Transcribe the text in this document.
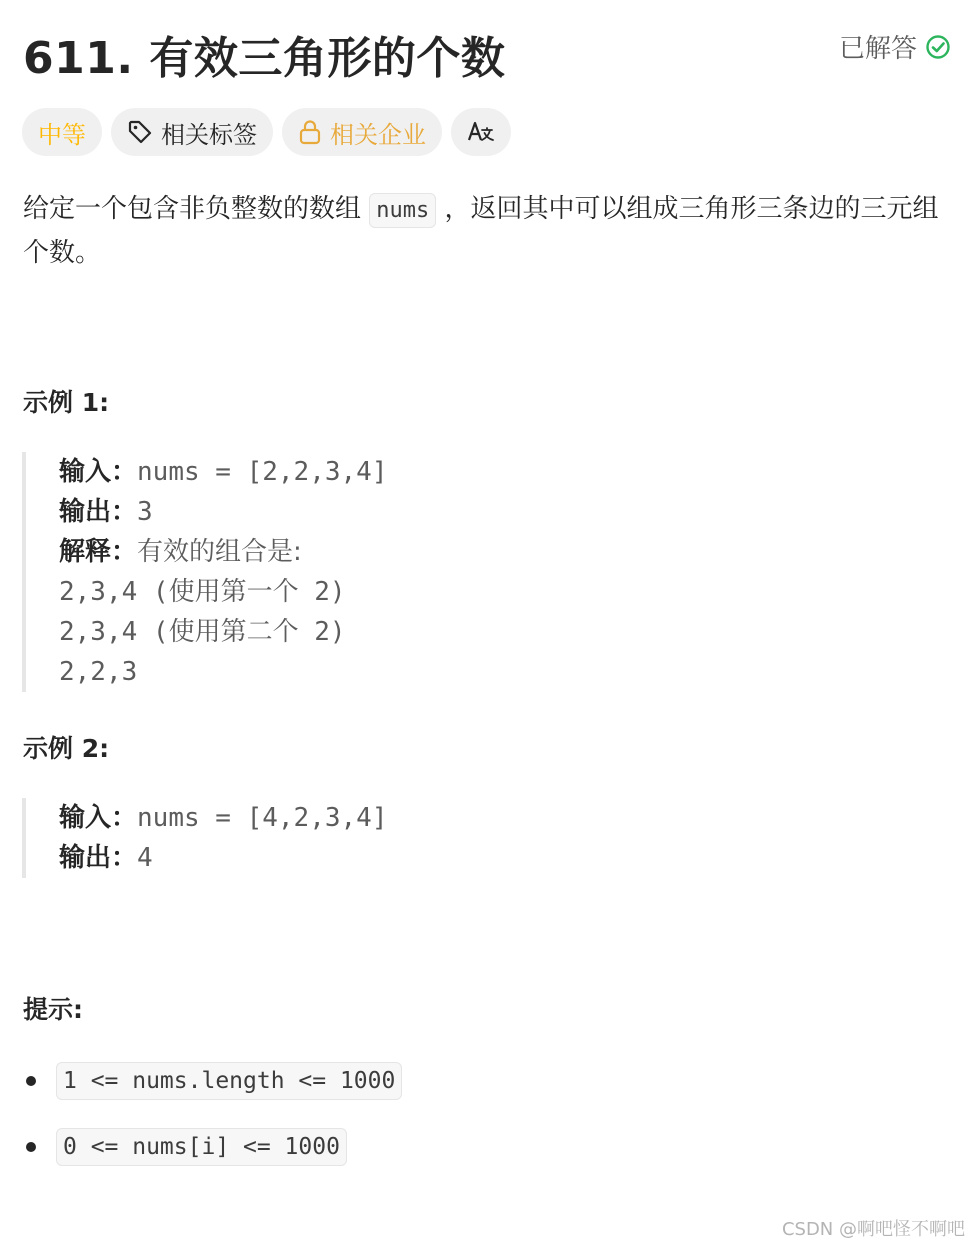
611. 有效三角形的个数	已解答
中等	相关标签	相关企业
给定一个包含非负整数的数组 nums ，返回其中可以组成三角形三条边的三元组个数。
示例 1:
输入：nums = [2,2,3,4]
输出：3
解释：有效的组合是:
2,3,4 (使用第一个 2)
2,3,4 (使用第二个 2)
2,2,3
示例 2:
输入：nums = [4,2,3,4]
输出：4
提示:
1 <= nums.length <= 1000
0 <= nums[i] <= 1000
CSDN @啊吧怪不啊吧
